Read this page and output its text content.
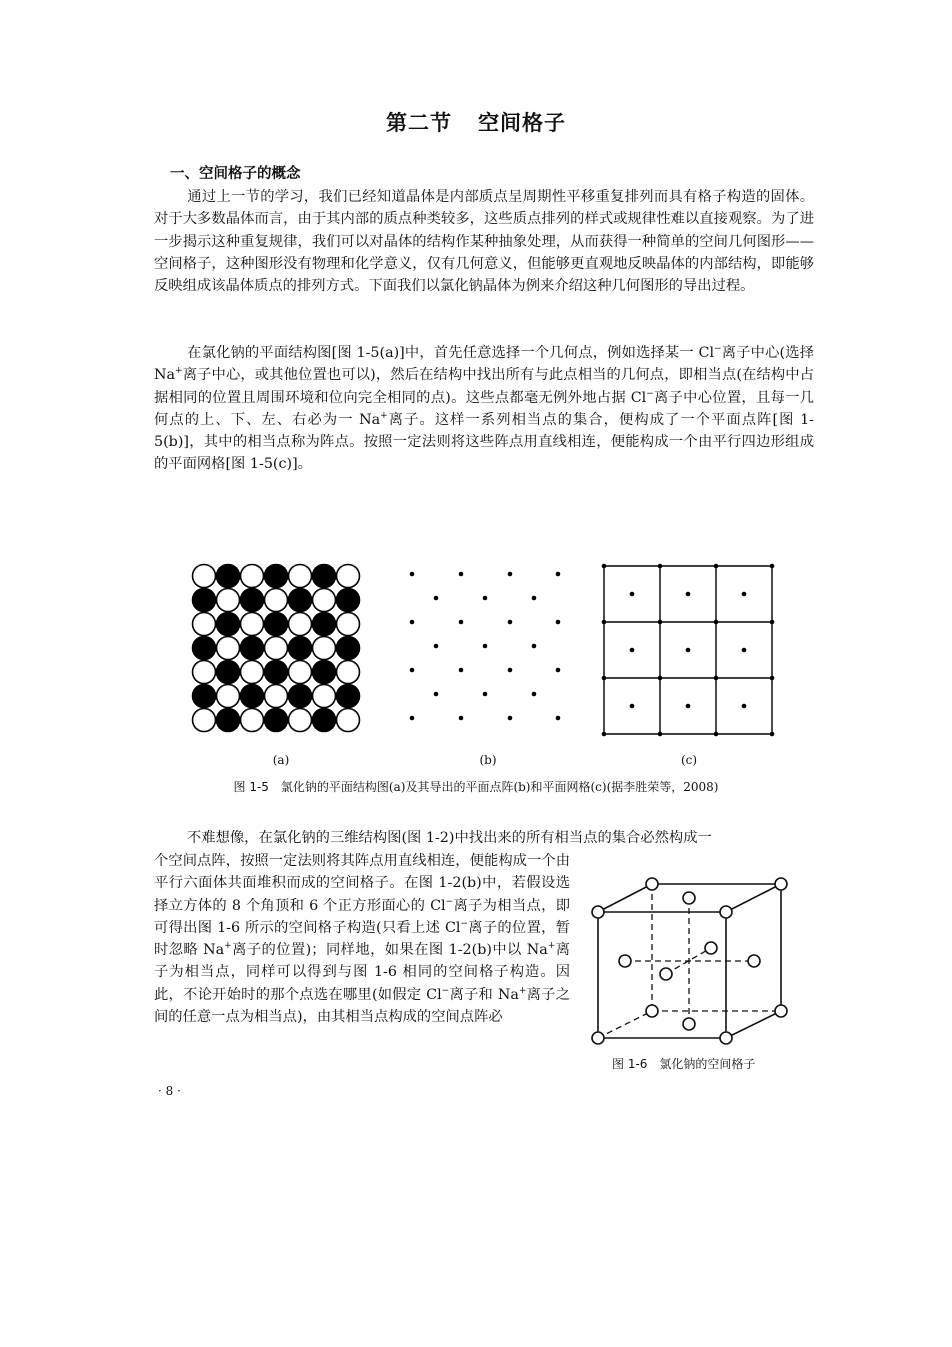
第二节 空间格子
一、空间格子的概念

通过上一节的学习，我们已经知道晶体是内部质点呈周期性平移重复排列而具有格子构造的固体。对于大多数晶体而言，由于其内部的质点种类较多，这些质点排列的样式或规律性难以直接观察。为了进一步揭示这种重复规律，我们可以对晶体的结构作某种抽象处理，从而获得一种简单的空间几何图形——空间格子，这种图形没有物理和化学意义，仅有几何意义，但能够更直观地反映晶体的内部结构，即能够反映组成该晶体质点的排列方式。下面我们以氯化钠晶体为例来介绍这种几何图形的导出过程。

在氯化钠的平面结构图[图 1-5(a)]中，首先任意选择一个几何点，例如选择某一 Cl−离子中心(选择 Na+离子中心，或其他位置也可以)，然后在结构中找出所有与此点相当的几何点，即相当点(在结构中占据相同的位置且周围环境和位向完全相同的点)。这些点都毫无例外地占据 Cl−离子中心位置，且每一几何点的上、下、左、右必为一 Na+离子。这样一系列相当点的集合，便构成了一个平面点阵[图 1-5(b)]，其中的相当点称为阵点。按照一定法则将这些阵点用直线相连，便能构成一个由平行四边形组成的平面网格[图 1-5(c)]。

(a)	(b)	(c)
图 1-5 氯化钠的平面结构图(a)及其导出的平面点阵(b)和平面网格(c)(据李胜荣等，2008)

不难想像，在氯化钠的三维结构图(图 1-2)中找出来的所有相当点的集合必然构成一

个空间点阵，按照一定法则将其阵点用直线相连，便能构成一个由平行六面体共面堆积而成的空间格子。在图 1-2(b)中，若假设选择立方体的 8 个角顶和 6 个正方形面心的 Cl−离子为相当点，即可得出图 1-6 所示的空间格子构造(只看上述 Cl−离子的位置，暂时忽略 Na+离子的位置)；同样地，如果在图 1-2(b)中以 Na+离子为相当点，同样可以得到与图 1-6 相同的空间格子构造。因此，不论开始时的那个点选在哪里(如假定 Cl−离子和 Na+离子之间的任意一点为相当点)，由其相当点构成的空间点阵必

图 1-6 氯化钠的空间格子
· 8 ·
